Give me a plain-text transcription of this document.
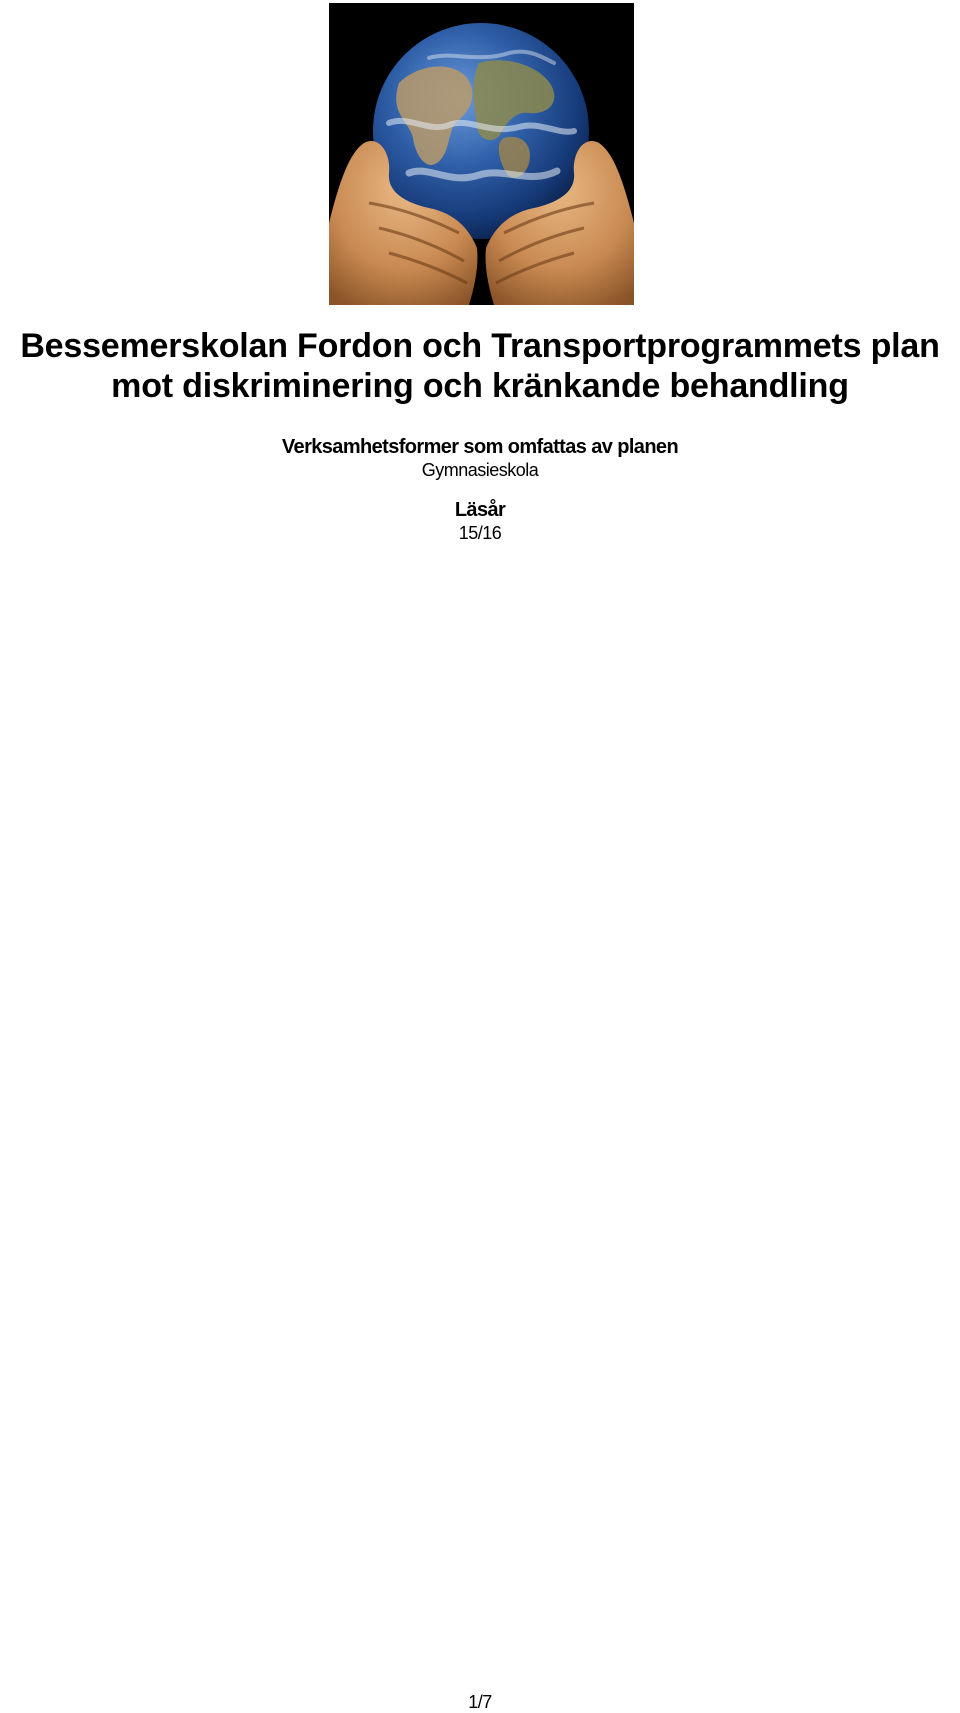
Bessemerskolan Fordon och Transportprogrammets plan
mot diskriminering och kränkande behandling
Verksamhetsformer som omfattas av planen
Gymnasieskola
Läsår
15/16
1/7
